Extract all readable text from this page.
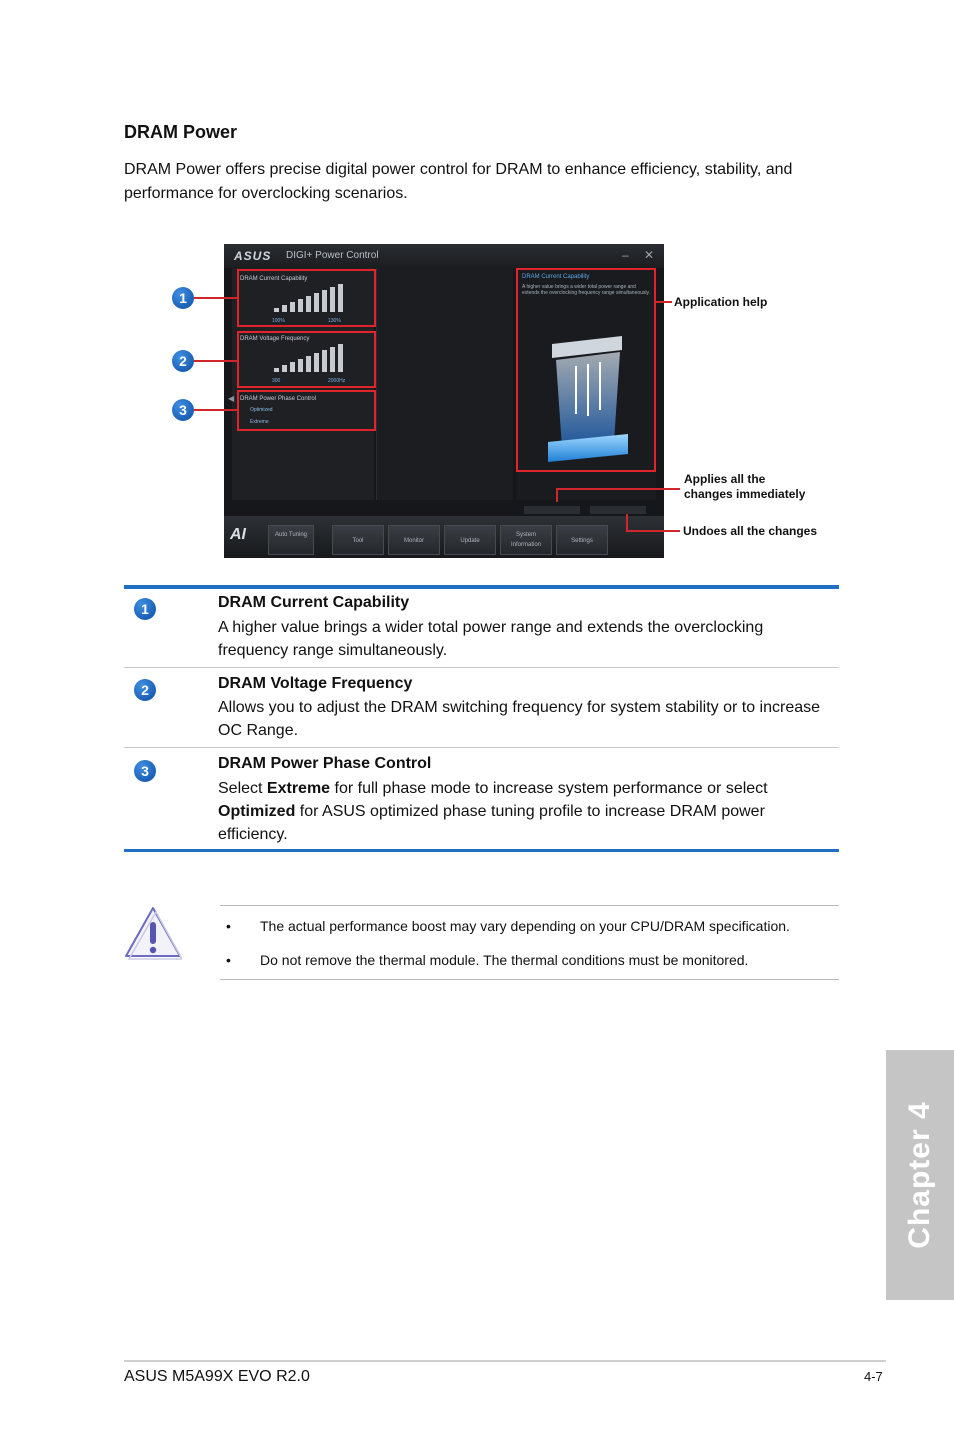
DRAM Power

DRAM Power offers precise digital power control for DRAM to enhance efficiency, stability, and performance for overclocking scenarios.

ASUS DIGI+ Power Control	– ✕
DRAM Current Capability
100%	130%
DRAM Voltage Frequency
300	2000Hz
DRAM Power Phase Control
Optimized
Extreme
◀
DRAM Current Capability
A higher value brings a wider total power range and extends the overclocking frequency range simultaneously.
AI	Auto Tuning
Tool	Monitor	Update
System Information
Settings
1
2
3
Application help
Applies all the
changes immediately
Undoes all the changes
1	DRAM Current Capability

A higher value brings a wider total power range and extends the overclocking frequency range simultaneously.

2	DRAM Voltage Frequency

Allows you to adjust the DRAM switching frequency for system stability or to increase OC Range.

3	DRAM Power Phase Control

Select Extreme for full phase mode to increase system performance or select Optimized for ASUS optimized phase tuning profile to increase DRAM power efficiency.

• The actual performance boost may vary depending on your CPU/DRAM specification.
• Do not remove the thermal module. The thermal conditions must be monitored.
Chapter 4
ASUS M5A99X EVO R2.0	4-7
